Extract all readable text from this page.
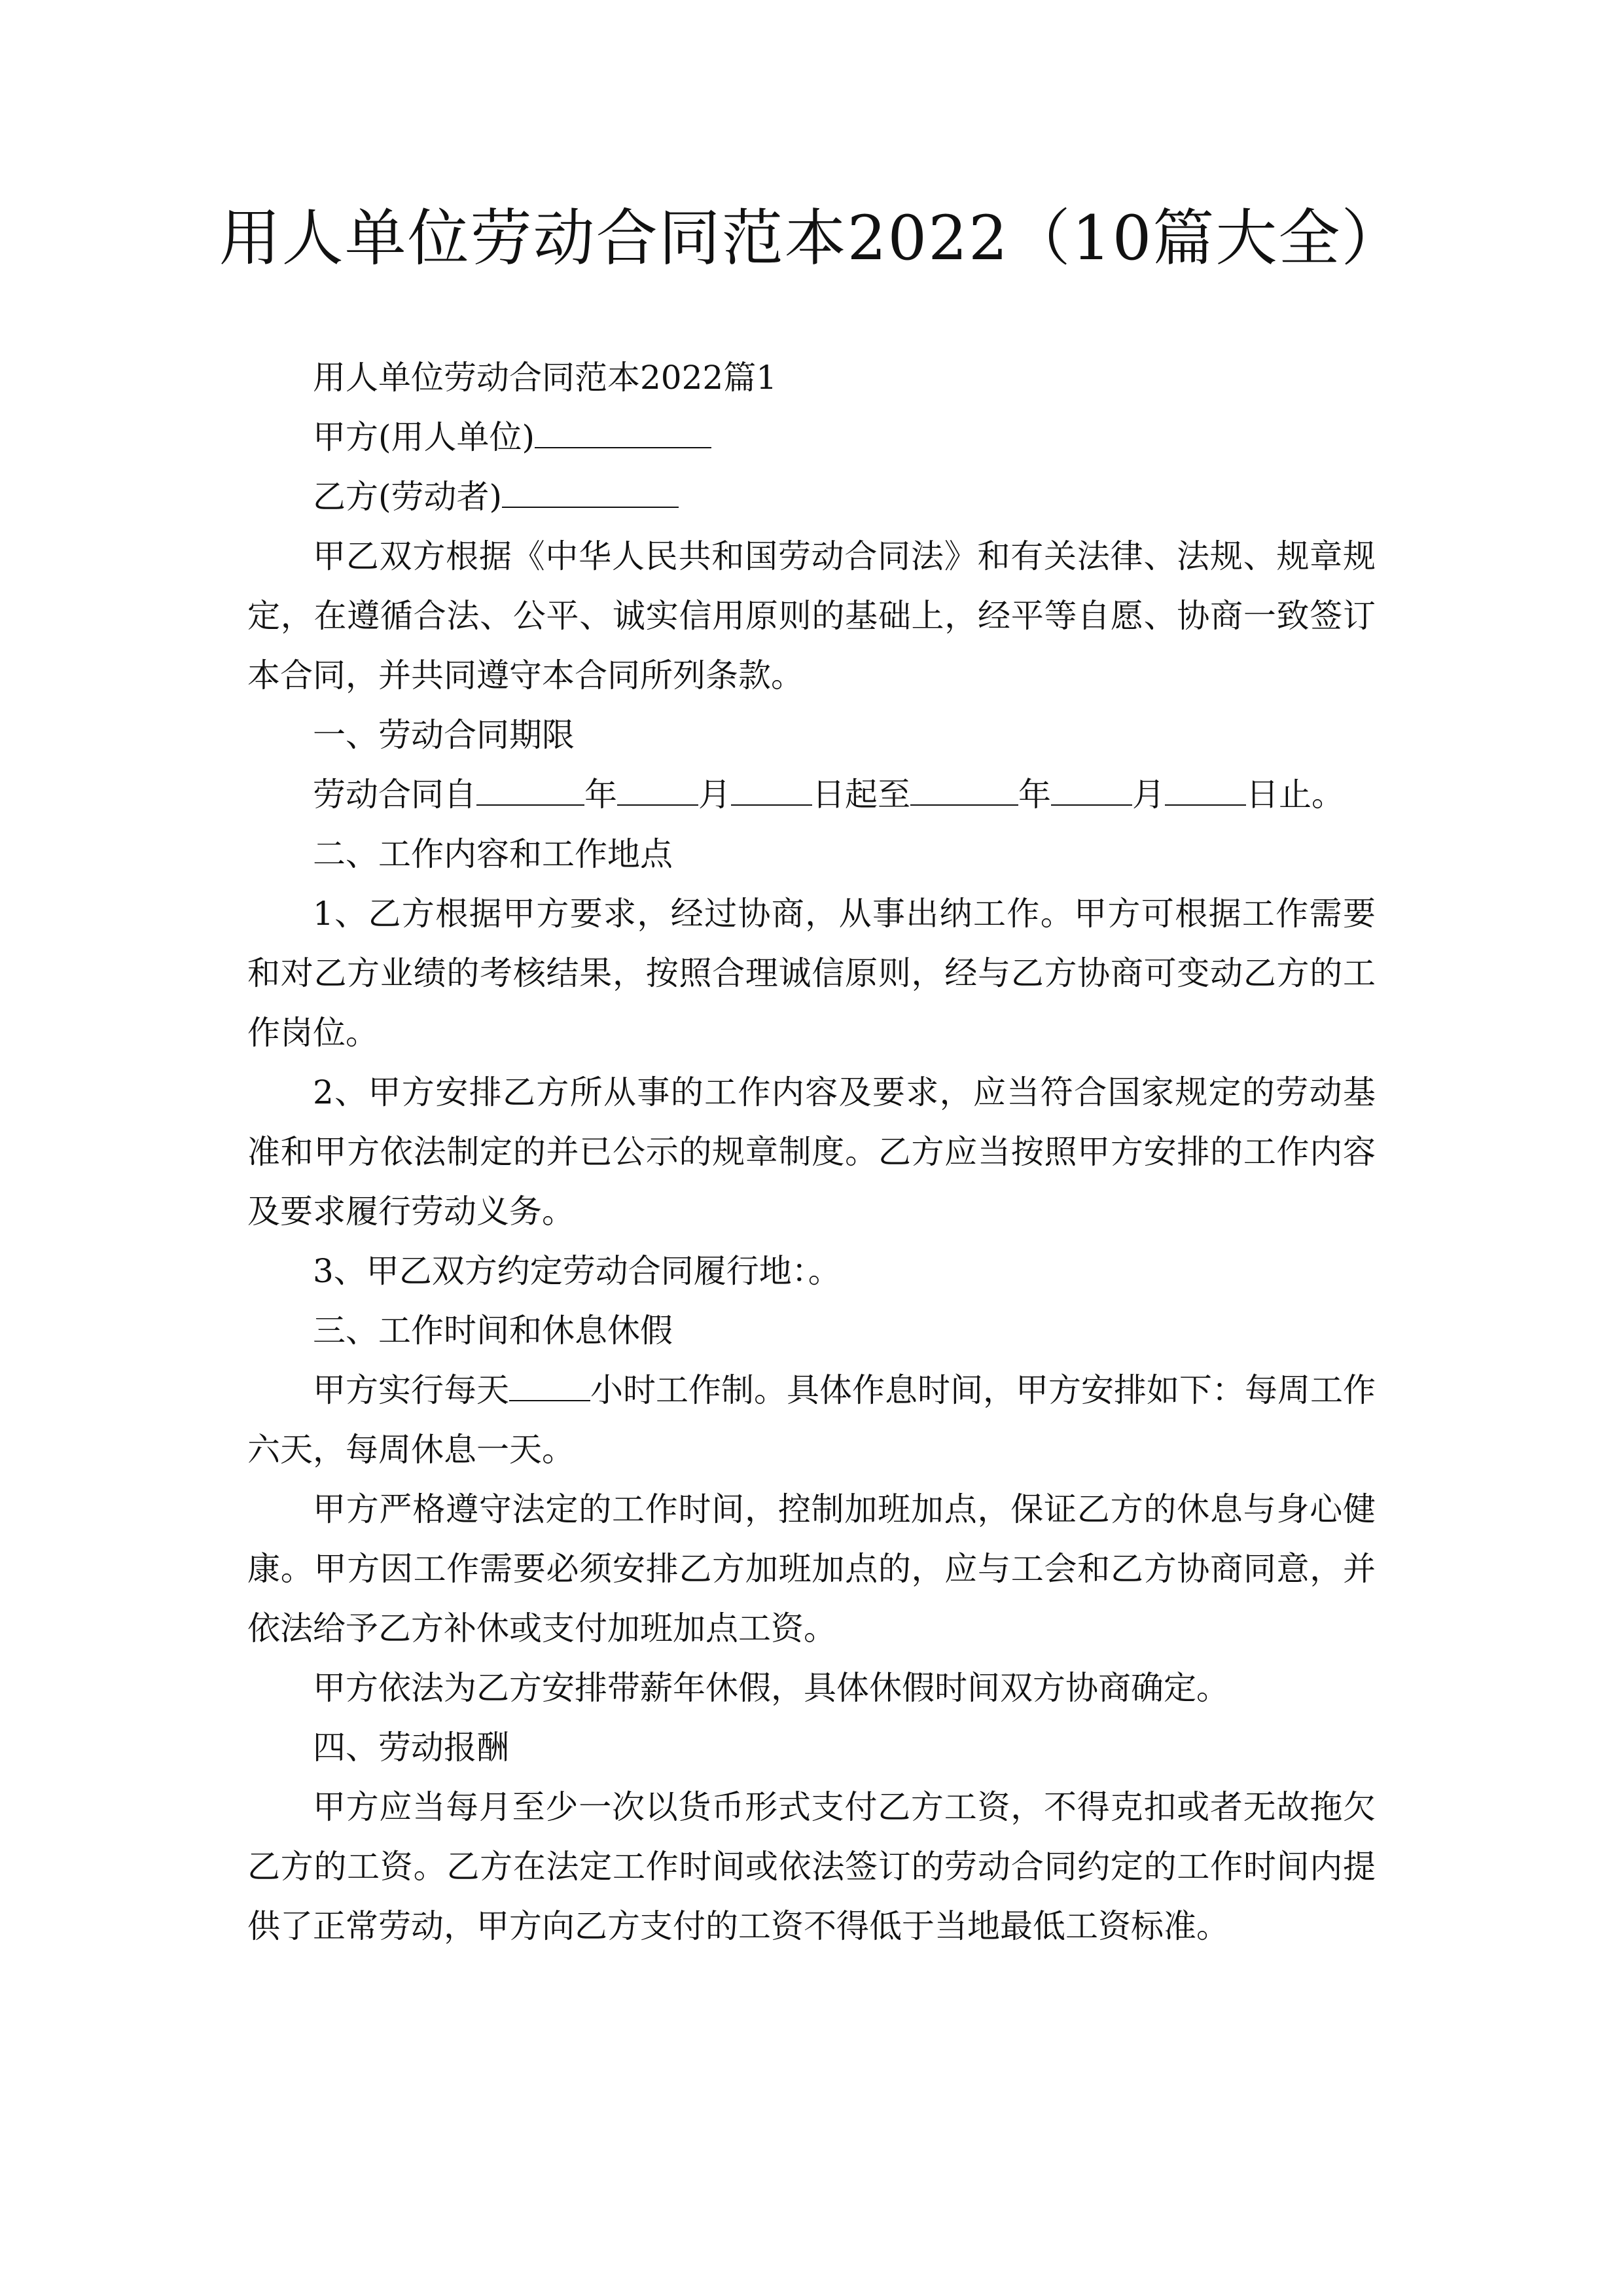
用人单位劳动合同范本2022（10篇大全）

用人单位劳动合同范本2022篇1

甲方(用人单位)

乙方(劳动者)

甲乙双方根据《中华人民共和国劳动合同法》和有关法律、法规、规章规定，在遵循合法、公平、诚实信用原则的基础上，经平等自愿、协商一致签订本合同，并共同遵守本合同所列条款。

一、劳动合同期限

劳动合同自	年 月 日起至	年 月 日止。

二、工作内容和工作地点

1、乙方根据甲方要求，经过协商，从事出纳工作。甲方可根据工作需要和对乙方业绩的考核结果，按照合理诚信原则，经与乙方协商可变动乙方的工作岗位。

2、甲方安排乙方所从事的工作内容及要求，应当符合国家规定的劳动基准和甲方依法制定的并已公示的规章制度。乙方应当按照甲方安排的工作内容及要求履行劳动义务。

3、甲乙双方约定劳动合同履行地：。

三、工作时间和休息休假

甲方实行每天 小时工作制。具体作息时间，甲方安排如下：每周工作六天，每周休息一天。

甲方严格遵守法定的工作时间，控制加班加点，保证乙方的休息与身心健康。甲方因工作需要必须安排乙方加班加点的，应与工会和乙方协商同意，并依法给予乙方补休或支付加班加点工资。

甲方依法为乙方安排带薪年休假，具体休假时间双方协商确定。

四、劳动报酬

甲方应当每月至少一次以货币形式支付乙方工资，不得克扣或者无故拖欠乙方的工资。乙方在法定工作时间或依法签订的劳动合同约定的工作时间内提供了正常劳动，甲方向乙方支付的工资不得低于当地最低工资标准。
